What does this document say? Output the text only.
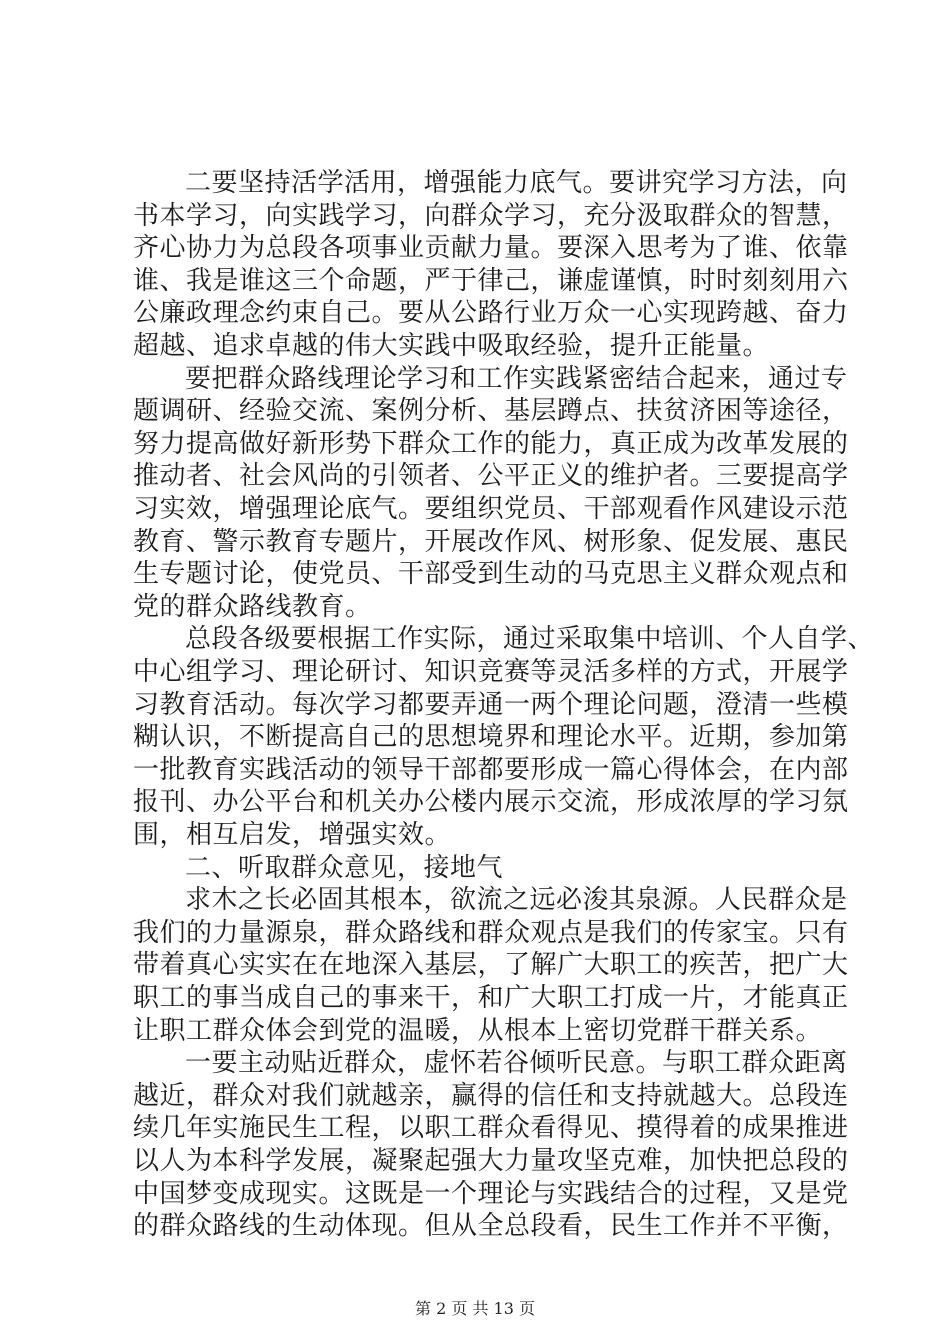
二要坚持活学活用，增强能力底气。要讲究学习方法，向
书本学习，向实践学习，向群众学习，充分汲取群众的智慧，
齐心协力为总段各项事业贡献力量。要深入思考为了谁、依靠
谁、我是谁这三个命题，严于律己，谦虚谨慎，时时刻刻用六
公廉政理念约束自己。要从公路行业万众一心实现跨越、奋力
超越、追求卓越的伟大实践中吸取经验，提升正能量。
要把群众路线理论学习和工作实践紧密结合起来，通过专
题调研、经验交流、案例分析、基层蹲点、扶贫济困等途径，
努力提高做好新形势下群众工作的能力，真正成为改革发展的
推动者、社会风尚的引领者、公平正义的维护者。三要提高学
习实效，增强理论底气。要组织党员、干部观看作风建设示范
教育、警示教育专题片，开展改作风、树形象、促发展、惠民
生专题讨论，使党员、干部受到生动的马克思主义群众观点和
党的群众路线教育。
总段各级要根据工作实际，通过采取集中培训、个人自学、
中心组学习、理论研讨、知识竞赛等灵活多样的方式，开展学
习教育活动。每次学习都要弄通一两个理论问题，澄清一些模
糊认识，不断提高自己的思想境界和理论水平。近期，参加第
一批教育实践活动的领导干部都要形成一篇心得体会，在内部
报刊、办公平台和机关办公楼内展示交流，形成浓厚的学习氛
围，相互启发，增强实效。
二、听取群众意见，接地气
求木之长必固其根本，欲流之远必浚其泉源。人民群众是
我们的力量源泉，群众路线和群众观点是我们的传家宝。只有
带着真心实实在在地深入基层，了解广大职工的疾苦，把广大
职工的事当成自己的事来干，和广大职工打成一片，才能真正
让职工群众体会到党的温暖，从根本上密切党群干群关系。
一要主动贴近群众，虚怀若谷倾听民意。与职工群众距离
越近，群众对我们就越亲，赢得的信任和支持就越大。总段连
续几年实施民生工程，以职工群众看得见、摸得着的成果推进
以人为本科学发展，凝聚起强大力量攻坚克难，加快把总段的
中国梦变成现实。这既是一个理论与实践结合的过程，又是党
的群众路线的生动体现。但从全总段看，民生工作并不平衡，
第 2 页 共 13 页
